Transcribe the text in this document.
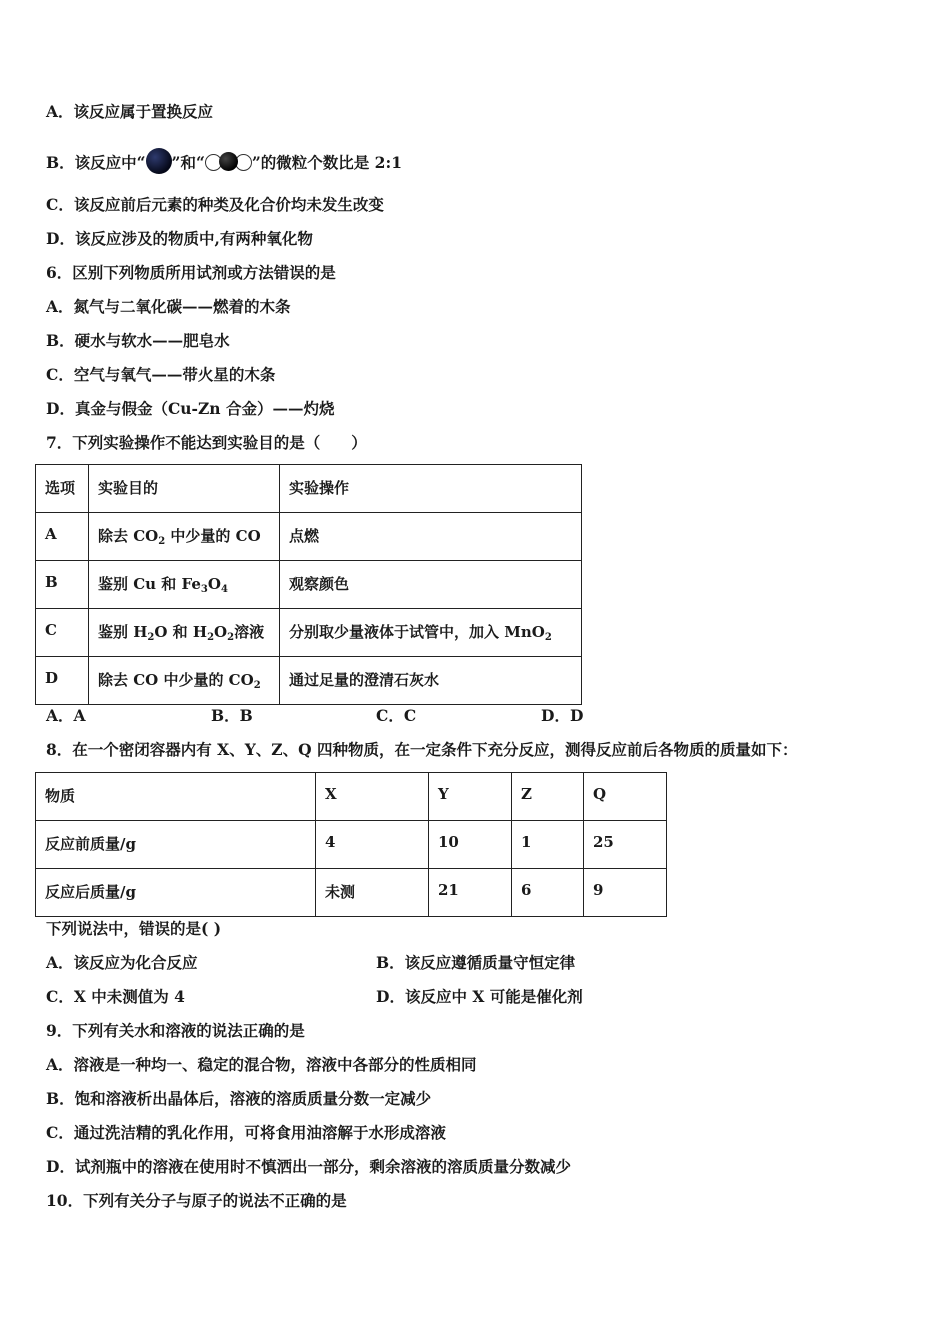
A．该反应属于置换反应
B．该反应中“ ”和“	”的微粒个数比是 2:1
C．该反应前后元素的种类及化合价均未发生改变
D．该反应涉及的物质中,有两种氧化物
6．区别下列物质所用试剂或方法错误的是
A．氮气与二氧化碳——燃着的木条
B．硬水与软水——肥皂水
C．空气与氧气——带火星的木条
D．真金与假金（Cu-Zn 合金）——灼烧
7．下列实验操作不能达到实验目的是（　　）
选项	实验目的	实验操作
A	除去 $CO_2$ 中少量的 CO	点燃
B	鉴别 Cu 和 $Fe_3O_4$	观察颜色
C	鉴别 $H_2O$ 和 $H_2O_2$溶液	分别取少量液体于试管中，加入 MnO$_2$
D	除去 CO 中少量的 $CO_2$	通过足量的澄清石灰水
A．A	B．B	C．C	D．D
8．在一个密闭容器内有 X、Y、Z、Q 四种物质，在一定条件下充分反应，测得反应前后各物质的质量如下：
物质	X	Y	Z	Q
反应前质量/g	4	10	1	25
反应后质量/g	未测	21	6	9
下列说法中，错误的是( )
A．该反应为化合反应	B．该反应遵循质量守恒定律
C．X 中未测值为 4	D．该反应中 X 可能是催化剂
9．下列有关水和溶液的说法正确的是
A．溶液是一种均一、稳定的混合物，溶液中各部分的性质相同
B．饱和溶液析出晶体后，溶液的溶质质量分数一定减少
C．通过洗洁精的乳化作用，可将食用油溶解于水形成溶液
D．试剂瓶中的溶液在使用时不慎洒出一部分，剩余溶液的溶质质量分数减少
10．下列有关分子与原子的说法不正确的是
